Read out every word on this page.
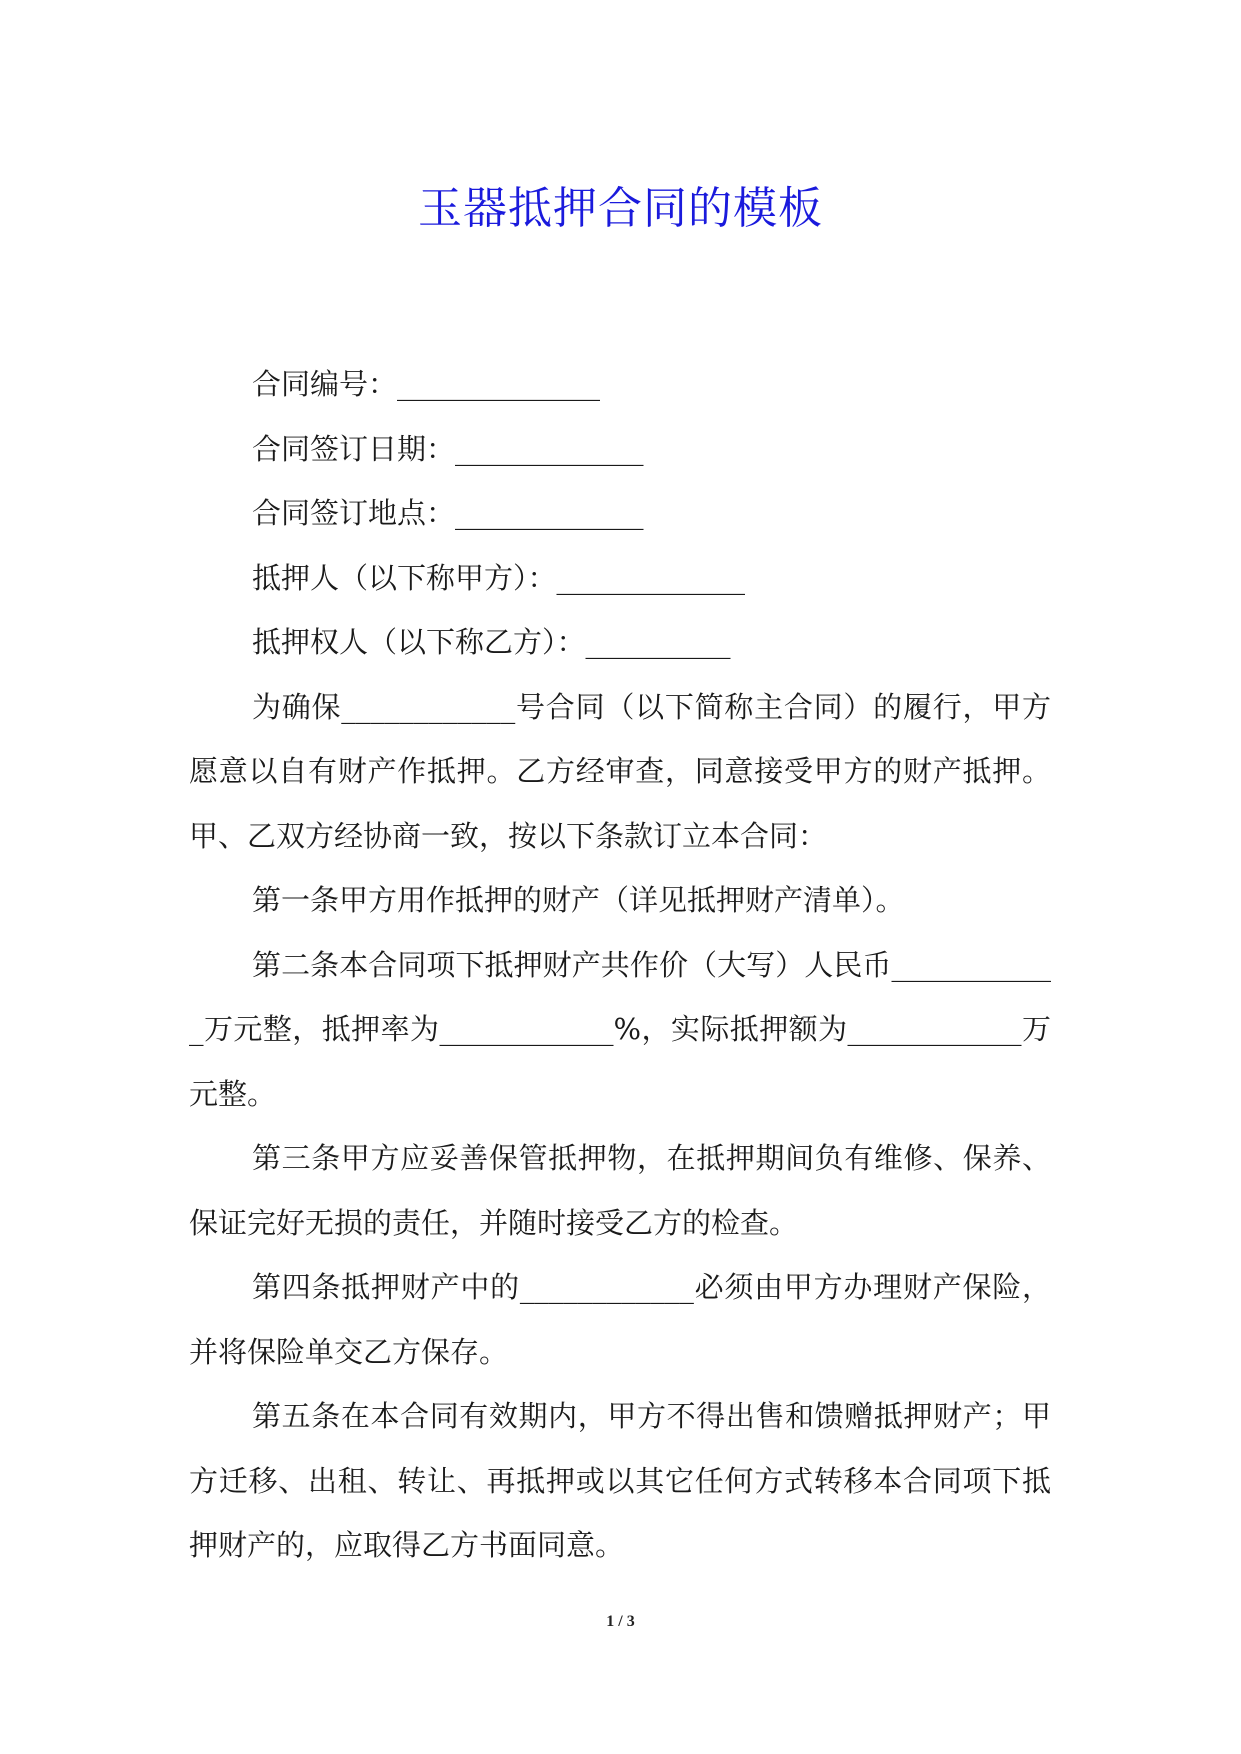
玉器抵押合同的模板

合同编号：______________

合同签订日期：_____________

合同签订地点：_____________

抵押人（以下称甲方）：_____________

抵押权人（以下称乙方）：__________

为确保____________号合同（以下简称主合同）的履行，甲方愿意以自有财产作抵押。乙方经审查，同意接受甲方的财产抵押。甲、乙双方经协商一致，按以下条款订立本合同：

第一条甲方用作抵押的财产（详见抵押财产清单）。

第二条本合同项下抵押财产共作价（大写）人民币____________万元整，抵押率为____________%，实际抵押额为____________万元整。

第三条甲方应妥善保管抵押物，在抵押期间负有维修、保养、保证完好无损的责任，并随时接受乙方的检查。

第四条抵押财产中的____________必须由甲方办理财产保险，并将保险单交乙方保存。

第五条在本合同有效期内，甲方不得出售和馈赠抵押财产；甲方迁移、出租、转让、再抵押或以其它任何方式转移本合同项下抵押财产的，应取得乙方书面同意。

1 / 3
